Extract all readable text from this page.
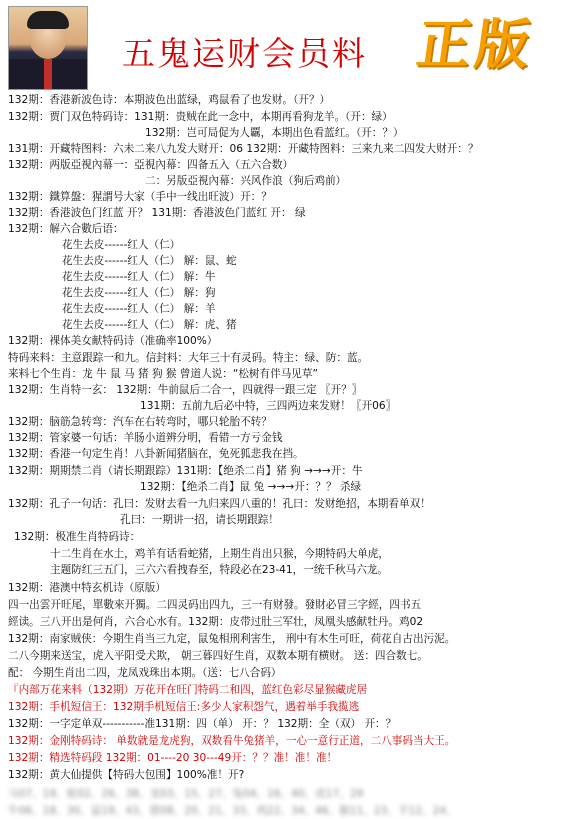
五鬼运财会员料 正版
132期：香港新波色诗：本期波色出蓝绿，鸡鼠看了也发财。（开？）
132期：贾门双色特码诗：131期：贵贼在此一念中，本期再看狗龙羊。（开：绿）
132期：岂可局促为人覊，本期出色看蓝红。（开：？）
131期：开藏特图料：六未二来八九发大财开：06 132期：开藏特图料：三来九来二四发大财开：？
132期：两版亞視內幕一：亞視內幕：四备五入（五六合数）
二：另版亞視內幕：兴风作浪（狗后鸡前）
132期：鐵算盤：猩謂号大家（手中一线出旺波）开：？
132期：香港波色门红蓝 开？ 131期：香港波色门蓝红 开： 绿
132期：解六合數后语：
花生去皮------红人（仁）
花生去皮------红人（仁） 解：鼠、蛇
花生去皮------红人（仁） 解：牛
花生去皮------红人（仁） 解：狗
花生去皮------红人（仁） 解：羊
花生去皮------红人（仁） 解：虎、猪
132期：裸体美女献特码诗（准确率100%）
特码来料：主意跟踪一和九。信封料：大年三十有灵码。特主：绿、防：蓝。
来料七个生肖：龙 牛 鼠 马 猪 狗 猴 曾道人说：“松树有伴马见草”
132期：生肖特一玄： 132期：牛前鼠后二合一，四就得一跟三定 〖开？〗
131期：五前九后必中特，三四两边来发财！〖开06〗
132期：脑筋急转弯：汽车在右转弯时，哪只轮胎不转？
132期：管家婆一句话：羊肠小道辨分明，看错一方亏金钱
132期：香港一句定生肖！八卦新闻猪脑在，免死狐悲我在挡。
132期：期期禁二肖（请长期跟踪）131期：【绝杀二肖】猪 狗 →→→开：牛
132期：【绝杀二肖】鼠 兔 →→→开：？？ 杀绿
132期：孔子一句话：孔曰：发财去看一九归来四八重的！孔曰：发财绝招，本期看单双！
孔曰：一期讲一招，请长期跟踪！
132期：极准生肖特码诗：
十二生肖在水土，鸡羊有话看蛇猪，上期生肖出只猴，今期特码大单虎，
主题防红三五门，三六六看拽春至，特段必在23-41，一统千秋马六龙。
132期：港澳中特玄机诗（原版）
四一出雲开旺尾，單數來开獨。二四灵码出四九，三一有财發。發財必冒三字經，四书五
經读。三八开出是何肖，六合心水有。132期：皮带过肚三军壮，凤凰头感献牡丹。鸡02
132期：南家贼侠：今期生肖当三九定，鼠兔相刑利害生， 刑中有木生可旺，荷花自古出污泥。
二八今期来送宝，虎入平阳受犬欺， 朝三暮四好生肖，双数本期有横财。 送：四合数七。
配： 今期生肖出二四，龙凤戏珠出本期。（送：七八合码）
『内部万花来料（132期）万花开在旺门特码二和四，蓝红色彩尽显猴藏虎居
132期：手机短信王：132期手机短信王:多少人家积怨气，遇着举手我揽逃
132期：一字定单双-----------准131期：四（单） 开：？ 132期：全（双） 开：？
132期：金刚特码诗： 单数就是龙虎狗，双数看牛兔猪羊，一心一意行正道，二八事码当大王。
132期：精选特码段 132期：01----20 30---49开：？？准！准！准！
132期：黄大仙提供【特码大包围】100%准！开?
马07、19、蛇02、26、38、龙03、15、27、兔04、16、40、虎17、29
牛06、18、30、鼠19、43、猪08、20、21、33、鸡22、34、46、猴11、23、羊12、24、
